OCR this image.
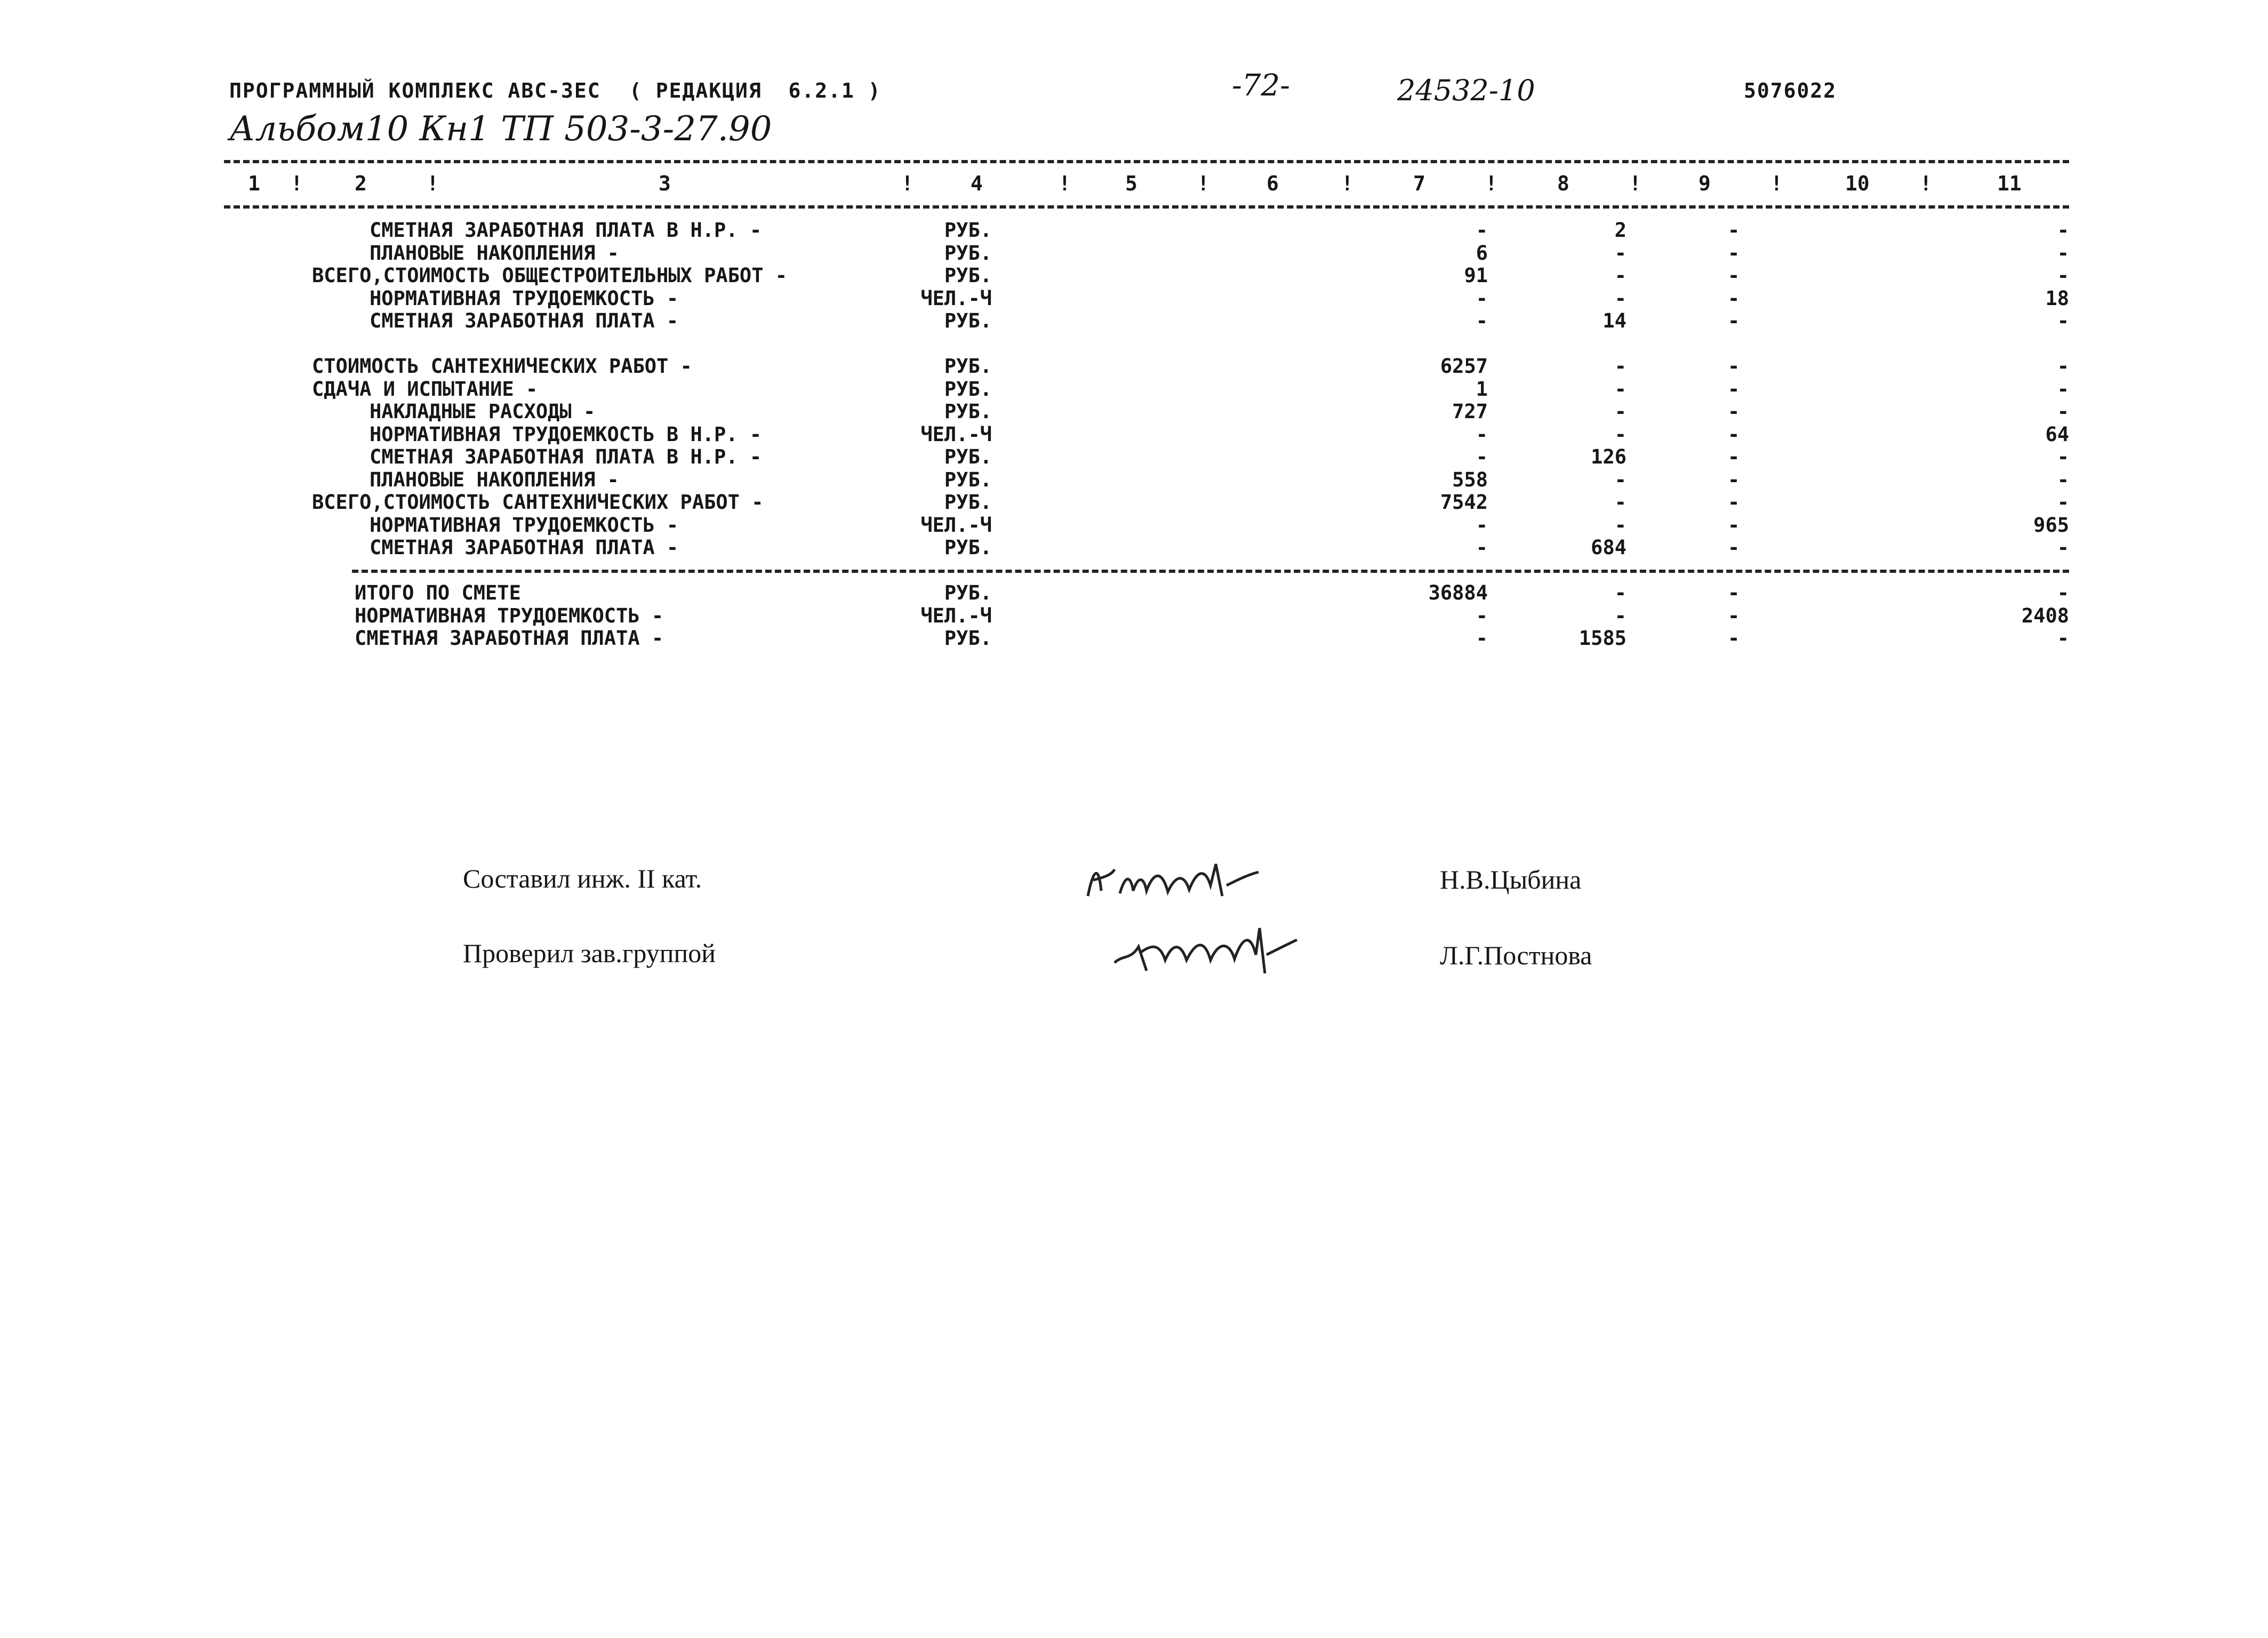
ПРОГРАММНЫЙ КОМПЛЕКС АВС-ЗЕС ( РЕДАКЦИЯ  6.2.1 )	-72-	24532-10	5076022
Альбом10 Кн1 ТП 503-3-27.90
1	2	3	4	5	6	7	8	9	10	11
!	!	!	!	!	!	!	!	!	!
СМЕТНАЯ ЗАРАБОТНАЯ ПЛАТА В Н.Р. -	РУБ.	-	2	-	-
ПЛАНОВЫЕ НАКОПЛЕНИЯ -	РУБ.	6	-	-	-
ВСЕГО,СТОИМОСТЬ ОБЩЕСТРОИТЕЛЬНЫХ РАБОТ -	РУБ.	91	-	-	-
НОРМАТИВНАЯ ТРУДОЕМКОСТЬ -	ЧЕЛ.-Ч	-	-	-	18
СМЕТНАЯ ЗАРАБОТНАЯ ПЛАТА -	РУБ.	-	14	-	-
СТОИМОСТЬ САНТЕХНИЧЕСКИХ РАБОТ -	РУБ.	6257	-	-	-
СДАЧА И ИСПЫТАНИЕ -	РУБ.	1	-	-	-
НАКЛАДНЫЕ РАСХОДЫ -	РУБ.	727	-	-	-
НОРМАТИВНАЯ ТРУДОЕМКОСТЬ В Н.Р. -	ЧЕЛ.-Ч	-	-	-	64
СМЕТНАЯ ЗАРАБОТНАЯ ПЛАТА В Н.Р. -	РУБ.	-	126	-	-
ПЛАНОВЫЕ НАКОПЛЕНИЯ -	РУБ.	558	-	-	-
ВСЕГО,СТОИМОСТЬ САНТЕХНИЧЕСКИХ РАБОТ -	РУБ.	7542	-	-	-
НОРМАТИВНАЯ ТРУДОЕМКОСТЬ -	ЧЕЛ.-Ч	-	-	-	965
СМЕТНАЯ ЗАРАБОТНАЯ ПЛАТА -	РУБ.	-	684	-	-
ИТОГО ПО СМЕТЕ	РУБ.	36884	-	-	-
НОРМАТИВНАЯ ТРУДОЕМКОСТЬ -	ЧЕЛ.-Ч	-	-	-	2408
СМЕТНАЯ ЗАРАБОТНАЯ ПЛАТА -	РУБ.	-	1585	-	-
Составил инж. II кат.	Н.В.Цыбина
Проверил зав.группой	Л.Г.Постнова
